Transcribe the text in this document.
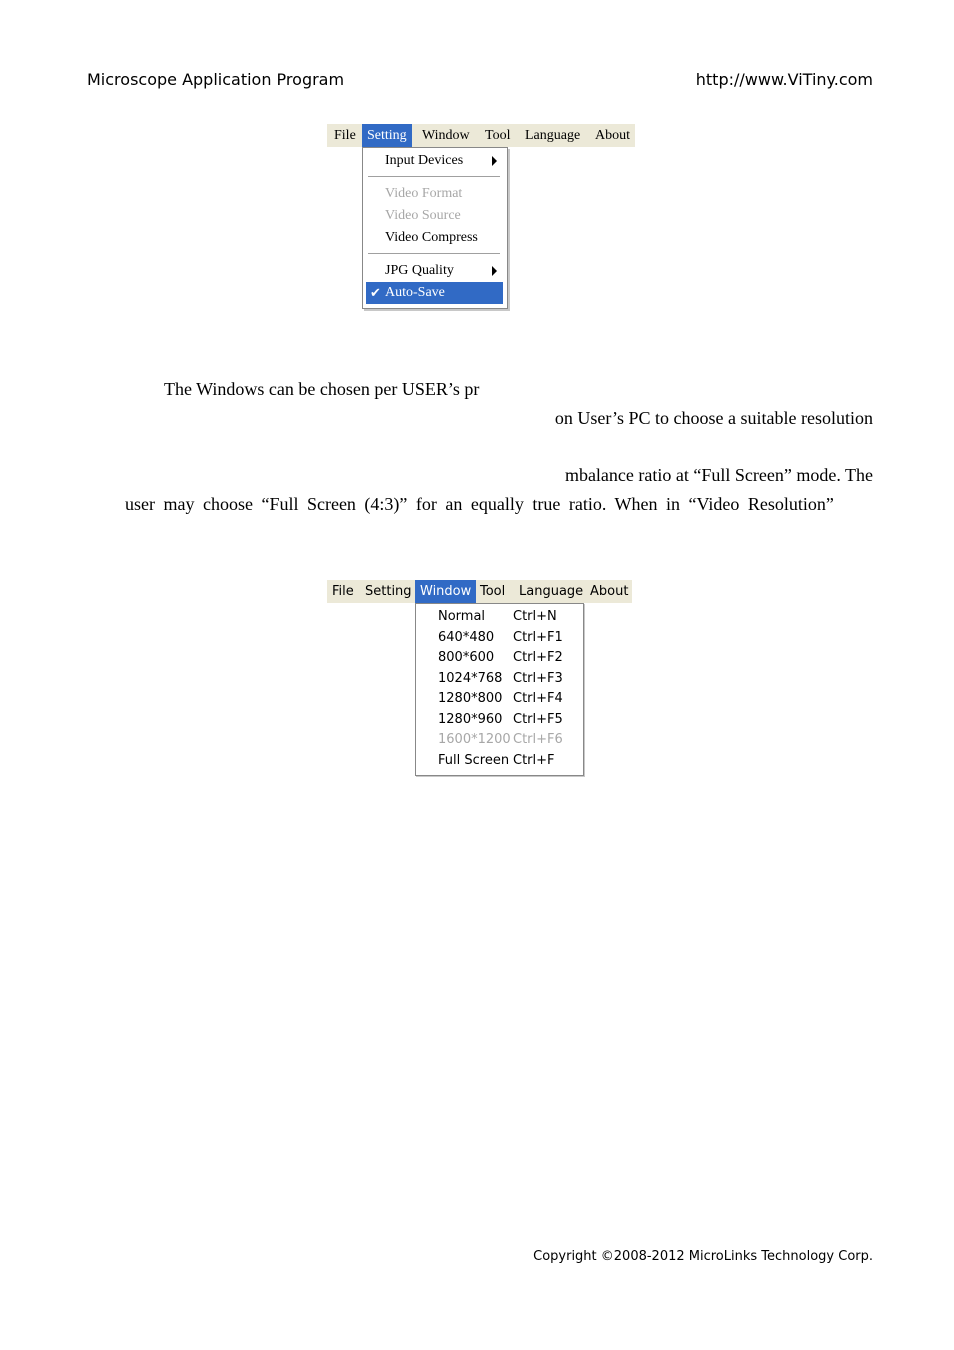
Microscope Application Program	http://www.ViTiny.com
File Setting	Window	Tool	Language	About
Input Devices
Video Format
Video Source
Video Compress
JPG Quality
✔ Auto-Save
The Windows can be chosen per USER’s pr
on User’s PC to choose a suitable resolution
mbalance ratio at “Full Screen” mode. The
user may choose “Full Screen (4:3)” for an equally true ratio. When in “Video Resolution”
File Setting Window Tool	Language About
Normal Ctrl+N
640*480 Ctrl+F1
800*600 Ctrl+F2
1024*768 Ctrl+F3
1280*800 Ctrl+F4
1280*960 Ctrl+F5
1600*1200 Ctrl+F6
Full Screen Ctrl+F
Copyright ©2008-2012 MicroLinks Technology Corp.
